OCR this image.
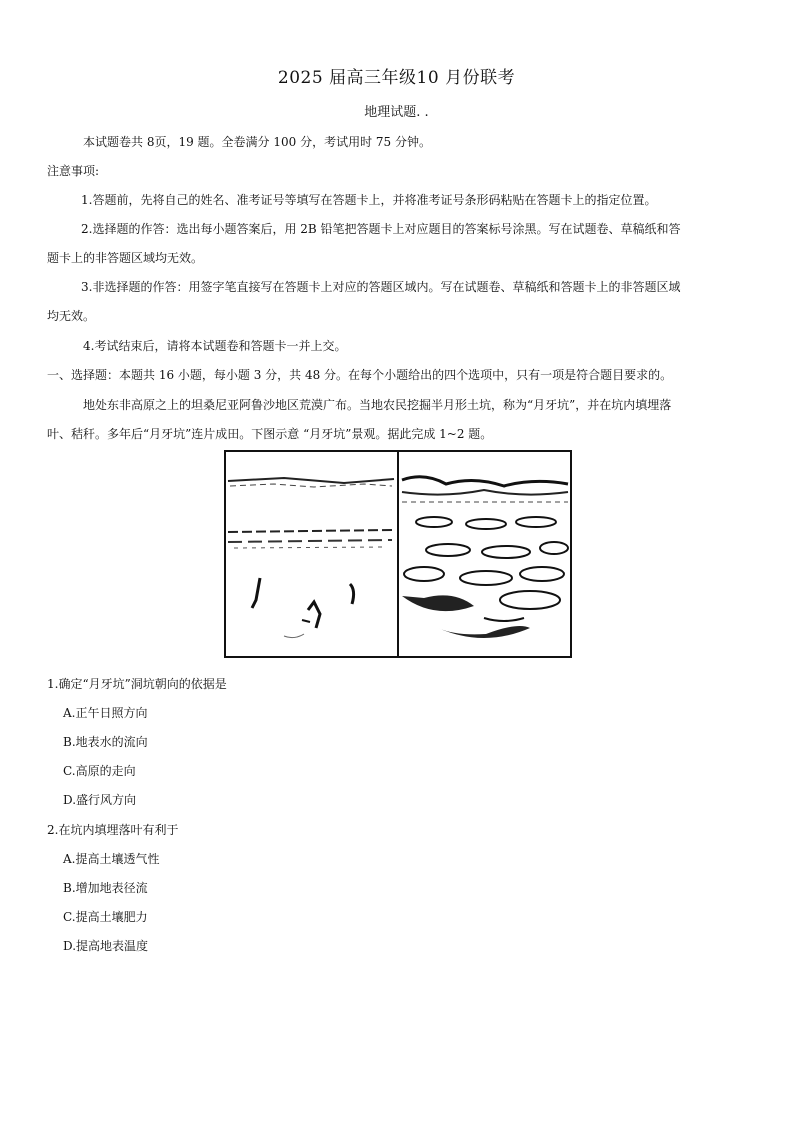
2025 届高三年级10 月份联考
地理试题. .
本试题卷共 8页，19 题。全卷满分 100 分，考试用时 75 分钟。
注意事项:
1.答题前，先将自己的姓名、准考证号等填写在答题卡上，并将准考证号条形码粘贴在答题卡上的指定位置。
2.选择题的作答：选出每小题答案后，用 2B 铅笔把答题卡上对应题目的答案标号涂黑。写在试题卷、草稿纸和答
题卡上的非答题区域均无效。
3.非选择题的作答：用签字笔直接写在答题卡上对应的答题区域内。写在试题卷、草稿纸和答题卡上的非答题区域
均无效。
4.考试结束后，请将本试题卷和答题卡一并上交。
一、选择题：本题共 16 小题，每小题 3 分，共 48 分。在每个小题给出的四个选项中，只有一项是符合题目要求的。
地处东非高原之上的坦桑尼亚阿鲁沙地区荒漠广布。当地农民挖掘半月形土坑，称为“月牙坑”，并在坑内填埋落
叶、秸秆。多年后“月牙坑”连片成田。下图示意 “月牙坑”景观。据此完成 1~2 题。
1.确定“月牙坑”洞坑朝向的依据是
A.正午日照方向
B.地表水的流向
C.高原的走向
D.盛行风方向
2.在坑内填埋落叶有利于
A.提高土壤透气性
B.增加地表径流
C.提高土壤肥力
D.提高地表温度
